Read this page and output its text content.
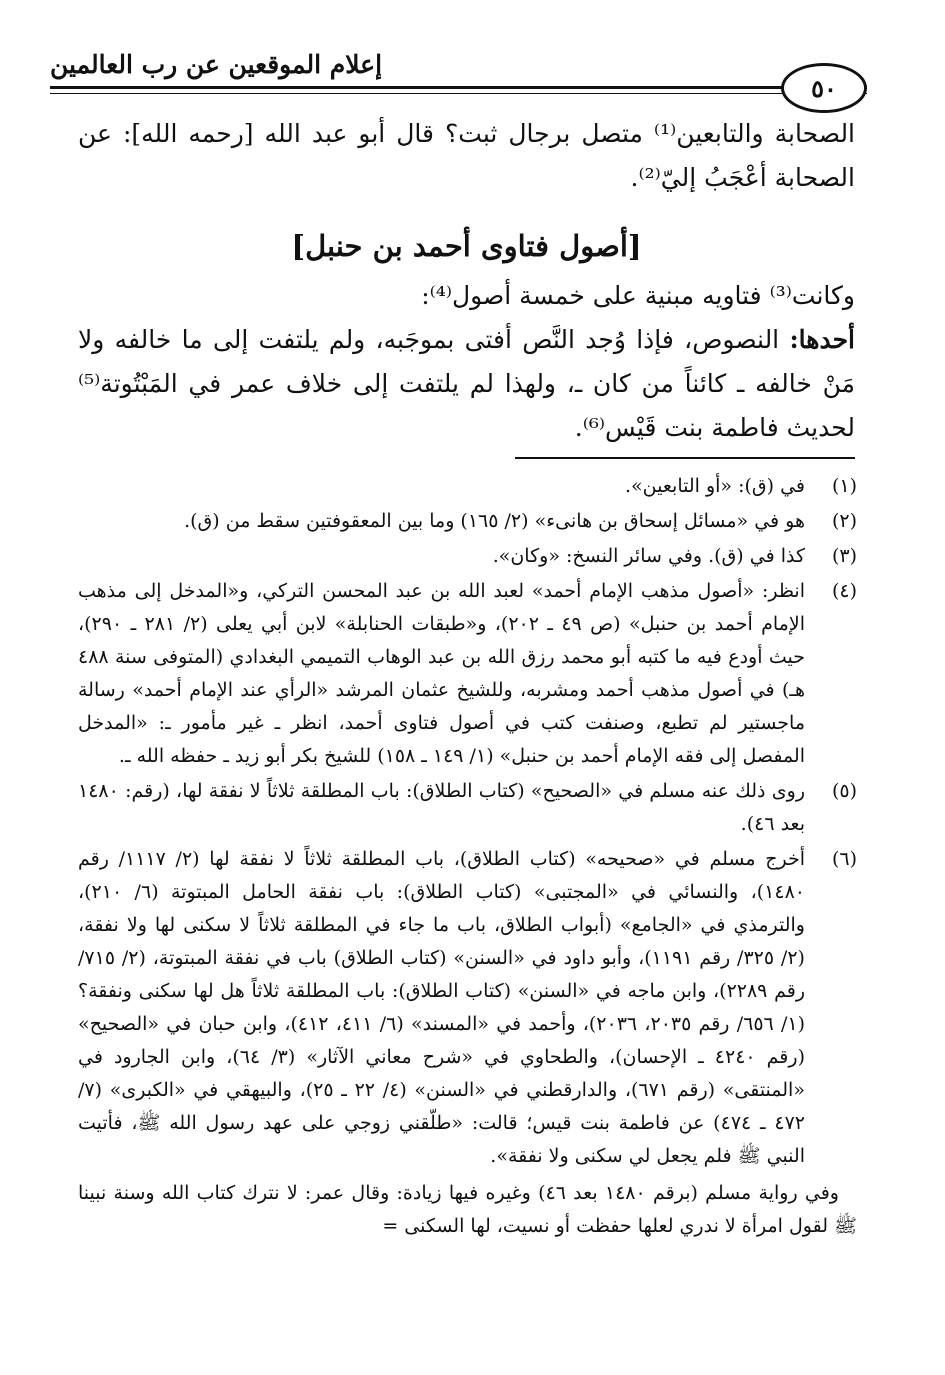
إعلام الموقعين عن رب العالمين
٥٠

الصحابة والتابعين⁽¹⁾ متصل برجال ثبت؟ قال أبو عبد الله [رحمه الله]: عن الصحابة أعْجَبُ إليّ⁽²⁾.

[أصول فتاوى أحمد بن حنبل]

وكانت⁽³⁾ فتاويه مبنية على خمسة أصول⁽⁴⁾:

أحدها: النصوص، فإذا وُجد النَّص أفتى بموجَبه، ولم يلتفت إلى ما خالفه ولا مَنْ خالفه ـ كائناً من كان ـ، ولهذا لم يلتفت إلى خلاف عمر في المَبْتُوتة⁽⁵⁾ لحديث فاطمة بنت قَيْس⁽⁶⁾.

(١)
في (ق): «أو التابعين».
(٢)
هو في «مسائل إسحاق بن هانىء» (٢/ ١٦٥) وما بين المعقوفتين سقط من (ق).
(٣)
كذا في (ق). وفي سائر النسخ: «وكان».
(٤)
انظر: «أصول مذهب الإمام أحمد» لعبد الله بن عبد المحسن التركي، و«المدخل إلى مذهب الإمام أحمد بن حنبل» (ص ٤٩ ـ ٢٠٢)، و«طبقات الحنابلة» لابن أبي يعلى (٢/ ٢٨١ ـ ٢٩٠)، حيث أودع فيه ما كتبه أبو محمد رزق الله بن عبد الوهاب التميمي البغدادي (المتوفى سنة ٤٨٨ هـ) في أصول مذهب أحمد ومشربه، وللشيخ عثمان المرشد «الرأي عند الإمام أحمد» رسالة ماجستير لم تطبع، وصنفت كتب في أصول فتاوى أحمد، انظر ـ غير مأمور ـ: «المدخل المفصل إلى فقه الإمام أحمد بن حنبل» (١/ ١٤٩ ـ ١٥٨) للشيخ بكر أبو زيد ـ حفظه الله ـ.
(٥)
روى ذلك عنه مسلم في «الصحيح» (كتاب الطلاق): باب المطلقة ثلاثاً لا نفقة لها، (رقم: ١٤٨٠ بعد ٤٦).
(٦)
أخرج مسلم في «صحيحه» (كتاب الطلاق)، باب المطلقة ثلاثاً لا نفقة لها (٢/ ١١١٧/ رقم ١٤٨٠)، والنسائي في «المجتبى» (كتاب الطلاق): باب نفقة الحامل المبتوتة (٦/ ٢١٠)، والترمذي في «الجامع» (أبواب الطلاق، باب ما جاء في المطلقة ثلاثاً لا سكنى لها ولا نفقة، (٢/ ٣٢٥/ رقم ١١٩١)، وأبو داود في «السنن» (كتاب الطلاق) باب في نفقة المبتوتة، (٢/ ٧١٥/ رقم ٢٢٨٩)، وابن ماجه في «السنن» (كتاب الطلاق): باب المطلقة ثلاثاً هل لها سكنى ونفقة؟ (١/ ٦٥٦/ رقم ٢٠٣٥، ٢٠٣٦)، وأحمد في «المسند» (٦/ ٤١١، ٤١٢)، وابن حبان في «الصحيح» (رقم ٤٢٤٠ ـ الإحسان)، والطحاوي في «شرح معاني الآثار» (٣/ ٦٤)، وابن الجارود في «المنتقى» (رقم ٦٧١)، والدارقطني في «السنن» (٤/ ٢٢ ـ ٢٥)، والبيهقي في «الكبرى» (٧/ ٤٧٢ ـ ٤٧٤) عن فاطمة بنت قيس؛ قالت: «طلّقني زوجي على عهد رسول الله ﷺ، فأتيت النبي ﷺ فلم يجعل لي سكنى ولا نفقة».
وفي رواية مسلم (برقم ١٤٨٠ بعد ٤٦) وغيره فيها زيادة: وقال عمر: لا نترك كتاب الله وسنة نبينا ﷺ لقول امرأة لا ندري لعلها حفظت أو نسيت، لها السكنى =
